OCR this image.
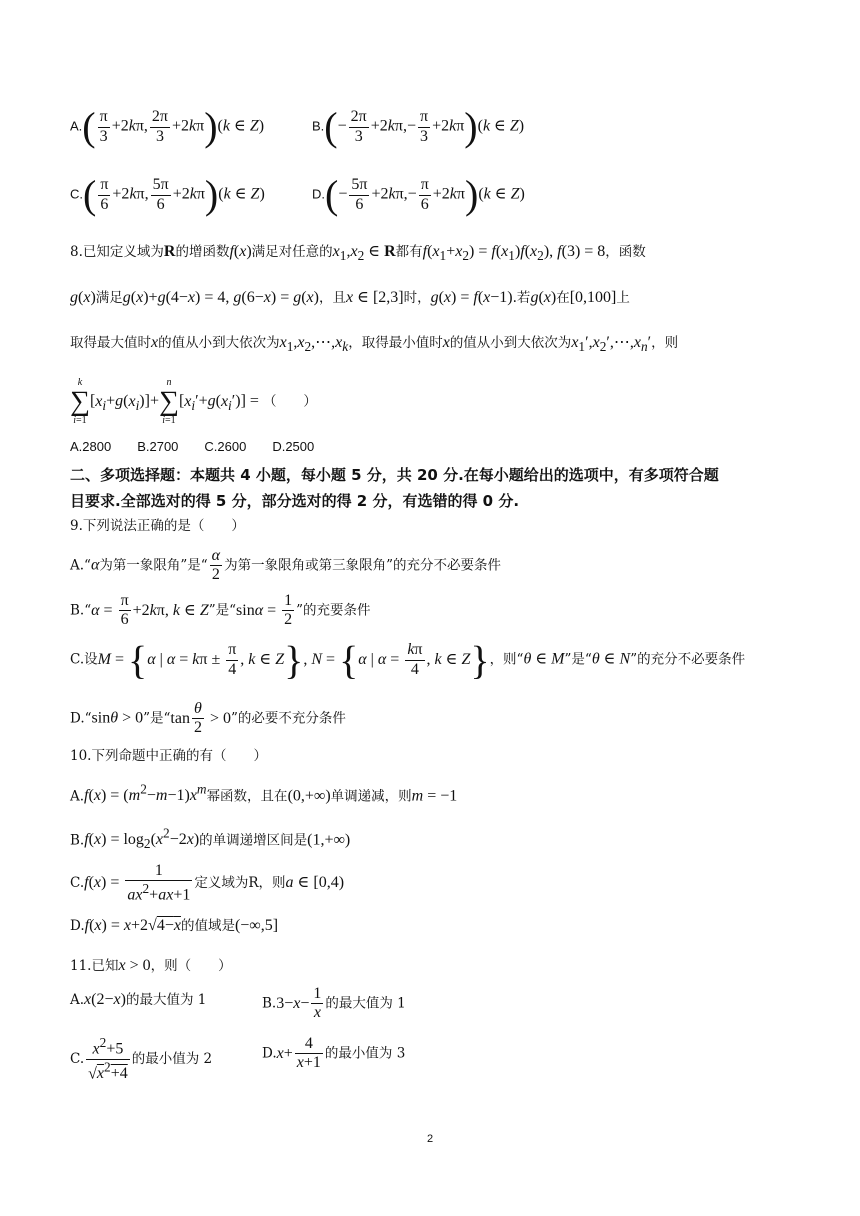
$A.( \frac{\pi}{3} +2k\pi$, $\frac{2\pi}{3} +2k\pi)(k$ ∈ Z)	$B.(- \frac{2\pi}{3} +2k\pi,- \frac{\pi}{3} +2k\pi)(k$ ∈ Z)
$C.( \frac{\pi}{6} +2k\pi$, $\frac{5\pi}{6} +2k\pi)(k$ ∈ Z)	$D.(- \frac{5\pi}{6} +2k\pi,- \frac{\pi}{6} +2k\pi)(k$ ∈ Z)
8.已知定义域为R的增函数f(x)满足对任意的$x_1,x_2$ ∈ R都有$f(x_1+x_2) = f(x_1)f(x_2)$, f(3) = 8，函数
g(x)满足g(x)+g(4−x) = 4, g(6−x) = g(x)，且x ∈ [2,3]时，g(x) = f(x−1).若g(x)在[0,100]上
取得最大值时x的值从小到大依次为$x_1,x_2,\cdots,x_k$，取得最小值时x的值从小到大依次为$x_1',x_2',\cdots,x_n'$，则
k
∑
$i=1[x_i+g(x_i)]+n$
∑
$i=1[x_i'+g(x_i')]$ = （　　）
A.2800　　B.2700　　C.2600　　D.2500
二、多项选择题：本题共 4 小题，每小题 5 分，共 20 分.在每小题给出的选项中，有多项符合题
目要求.全部选对的得 5 分，部分选对的得 2 分，有选错的得 0 分.
9.下列说法正确的是（　　）
A.“α为第一象限角”是“ $\frac{\alpha}{2}$ 为第一象限角或第三象限角”的充分不必要条件
B.“α = $\frac{\pi}{6} +2k\pi$, k ∈ Z”是“$\sin\alpha = \frac{1}{2}$ ”的充要条件
C.设M = {α | $\alpha = k\pi \pm \frac{\pi}{4}$ , k ∈ Z}, N = {α | $\alpha = \frac{k\pi}{4}$ , k ∈ Z}，则“θ ∈ M”是“θ ∈ N”的充分不必要条件
D.“sinθ > 0”是“$\tan \frac{\theta}{2} > 0$”的必要不充分条件
10.下列命题中正确的有（　　）
$A.f(x) = (m^2-m-1)x^m$幂函数，且在(0,+∞)单调递减，则m = −1
$B.f(x) = \log_2(x^2-2x)$的单调递增区间是(1,+∞)
$C.f(x) = \frac{1}{ax^2+ax+1}$ 定义域为R，则a ∈ [0,4)
D.f(x) = x+2√4−x的值域是(−∞,5]
11.已知x > 0，则（　　）
A.x(2−x)的最大值为 1	$B.3-x- \frac{1}{x}$ 的最大值为 1
C. $\frac{x^2+5}{√x^2+4}$ 的最小值为 2	$D.x+ \frac{4}{x+1}$ 的最小值为 3
2
